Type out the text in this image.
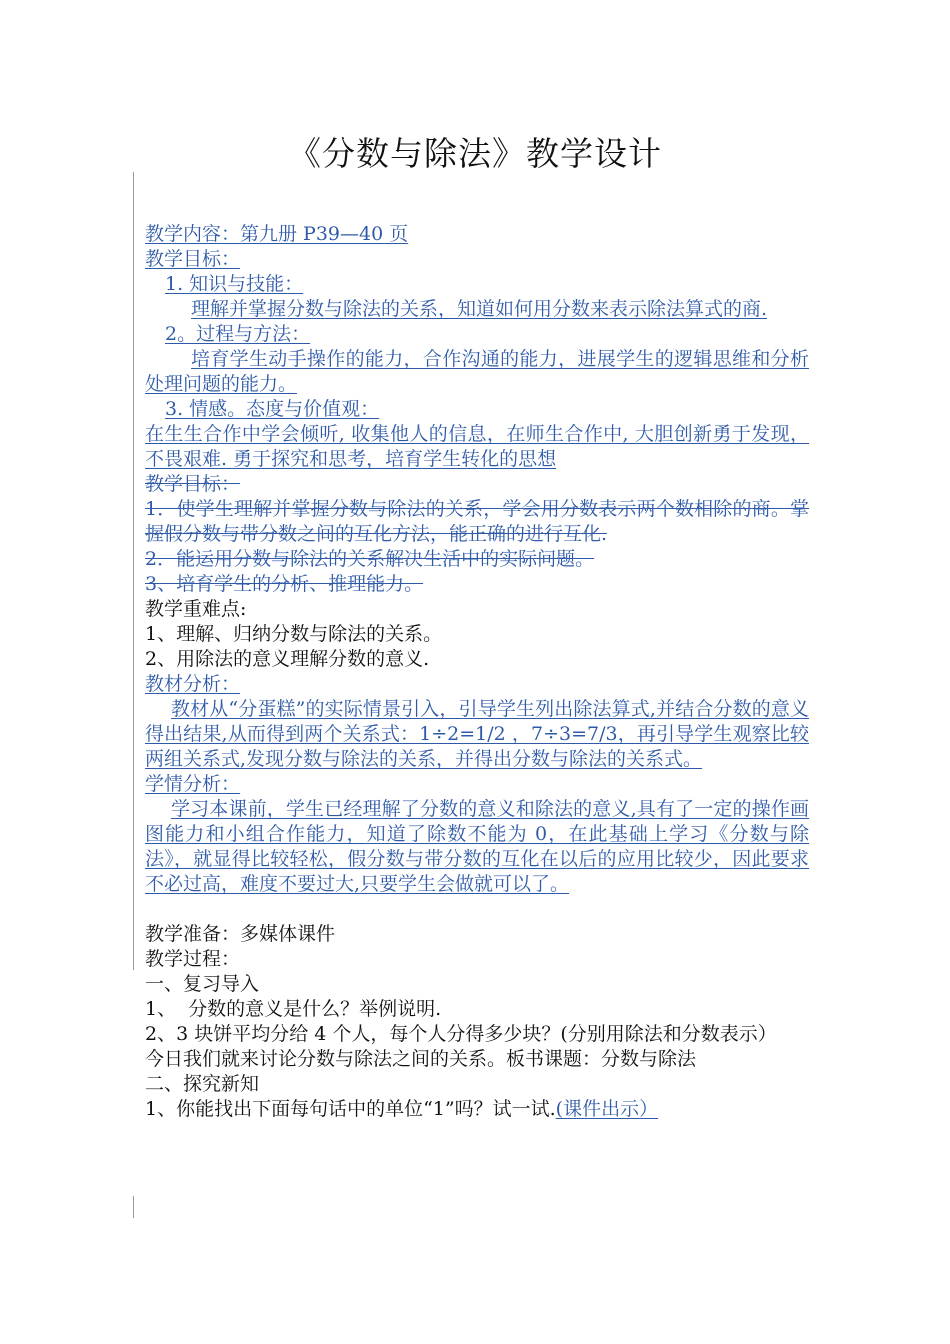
《分数与除法》教学设计

教学内容：第九册 P39—40 页

教学目标：

1. 知识与技能：

理解并掌握分数与除法的关系，知道如何用分数来表示除法算式的商.

2。过程与方法：

培育学生动手操作的能力，合作沟通的能力，进展学生的逻辑思维和分析处理问题的能力。

3. 情感。态度与价值观：

在生生合作中学会倾听, 收集他人的信息，在师生合作中, 大胆创新勇于发现，不畏艰难. 勇于探究和思考，培育学生转化的思想

教学目标：

1．使学生理解并掌握分数与除法的关系，学会用分数表示两个数相除的商。掌握假分数与带分数之间的互化方法，能正确的进行互化.

2．能运用分数与除法的关系解决生活中的实际问题。

3、培育学生的分析、推理能力。

教学重难点:

1、理解、归纳分数与除法的关系。

2、用除法的意义理解分数的意义.

教材分析：

教材从“分蛋糕”的实际情景引入，引导学生列出除法算式,并结合分数的意义得出结果,从而得到两个关系式：1÷2=1/2 ，7÷3=7/3，再引导学生观察比较两组关系式,发现分数与除法的关系，并得出分数与除法的关系式。

学情分析：

学习本课前，学生已经理解了分数的意义和除法的意义,具有了一定的操作画图能力和小组合作能力，知道了除数不能为 0，在此基础上学习《分数与除法》，就显得比较轻松，假分数与带分数的互化在以后的应用比较少，因此要求不必过高，难度不要过大,只要学生会做就可以了。

教学准备：多媒体课件

教学过程：

一、复习导入

1、  分数的意义是什么？举例说明.

2、3 块饼平均分给 4 个人，每个人分得多少块？(分别用除法和分数表示）

今日我们就来讨论分数与除法之间的关系。板书课题：分数与除法

二、探究新知

1、你能找出下面每句话中的单位“1”吗？试一试.(课件出示）
